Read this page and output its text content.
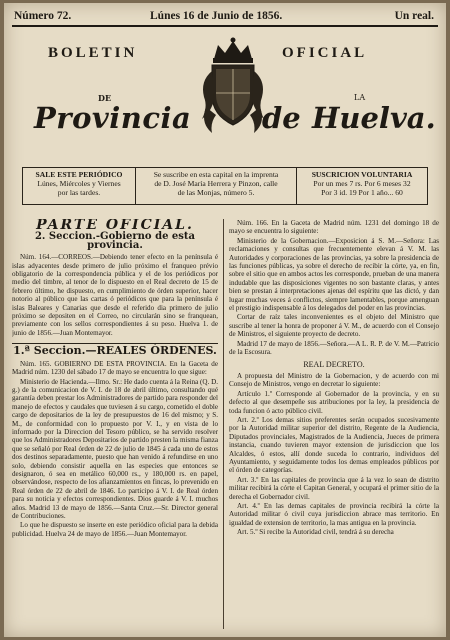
Número 72.	Lúnes 16 de Junio de 1856.	Un real.
BOLETIN	OFICIAL
DE	LA
Provincia de Huelva.
SALE ESTE PERIÓDICO
Lúnes, Miércoles y Viernes
por las tardes.
Se suscribe en esta capital en la imprenta
de D. José María Herrera y Pinzon, calle
de las Monjas, número 5.
SUSCRICION VOLUNTARIA
Por un mes 7 rs. Por 6 meses 32
Por 3 id. 19 Por 1 año... 60
PARTE OFICIAL.
2. Seccion.-Gobierno de esta provincia.

Núm. 164.—CORREOS.—Debiendo tener efecto en la península é islas adyacentes desde primero de julio próximo el franqueo prévio obligatorio de la correspondencia pública y el de los periódicos por medio del timbre, al tenor de lo dispuesto en el Real decreto de 15 de febrero último, he dispuesto, en cumplimiento de órden superior, hacer notorio al público que las cartas ó periódicos que para la península é islas Baleares y Canarias que desde el referido dia primero de julio próximo se depositen en el Correo, no circularán sino se franquean, previamente con los sellos correspondientes á su peso. Huelva 1. de junio de 1856.—Juan Montemayor.

1.ª Seccion.—REALES ÓRDENES.

Núm. 165. GOBIERNO DE ESTA PROVINCIA. En la Gaceta de Madrid núm. 1230 del sábado 17 de mayo se encuentra lo que sigue:

Ministerio de Hacienda.—Ilmo. Sr.: He dado cuenta á la Reina (Q. D. g.) de la comunicacion de V. I. de 18 de abril último, consultando qué garantía deben prestar los Administradores de partido para responder del manejo de efectos y caudales que tuviesen á su cargo, cometido el doble cargo de depositarios de la ley de presupuestos de 16 del mismo; y S. M., de conformidad con lo propuesto por V. I., y en vista de lo informado por la Direccion del Tesoro público, se ha servido resolver que los Administradores Depositarios de partido presten la misma fianza que se señaló por Real órden de 22 de julio de 1845 á cada uno de estos dos destinos separadamente, puesto que han venido á refundirse en uno solo, debiendo consistir aquella en las especies que entonces se designaron, ó sea en metálico 60,000 rs., y 180,000 rs. en papel, observándose, respecto de los afianzamientos en fincas, lo prevenido en Real órden de 22 de abril de 1846. Lo participo á V. I. de Real órden para su noticia y efectos correspondientes. Dios guarde á V. I. muchos años. Madrid 13 de mayo de 1856.—Santa Cruz.—Sr. Director general de Contribuciones.

Lo que he dispuesto se inserte en este periódico oficial para la debida publicidad. Huelva 24 de mayo de 1856.—Juan Montemayor.

Núm. 166. En la Gaceta de Madrid núm. 1231 del domingo 18 de mayo se encuentra lo siguiente:

Ministerio de la Gobernacion.—Exposicion á S. M.—Señora: Las reclamaciones y consultas que frecuentemente elevan á V. M. las Autoridades y corporaciones de las provincias, ya sobre la presidencia de las funciones públicas, ya sobre el derecho de recibir la córte, ya, en fin, sobre el sitio que en ambos actos les corresponde, prueban de una manera indudable que las disposiciones vigentes no son bastante claras, y antes bien se prestan á interpretaciones ajenas del espíritu que las dictó, y dan lugar muchas veces á conflictos, siempre lamentables, porque amenguan el prestigio indispensable á los delegados del poder en las provincias.

Cortar de raíz tales inconvenientes es el objeto del Ministro que suscribe al tener la honra de proponer á V. M., de acuerdo con el Consejo de Ministros, el siguiente proyecto de decreto.

Madrid 17 de mayo de 1856.—Señora.—A L. R. P. de V. M.—Patricio de la Escosura.

REAL DECRETO.

A propuesta del Ministro de la Gobernacion, y de acuerdo con mi Consejo de Ministros, vengo en decretar lo siguiente:

Artículo 1.º Corresponde al Gobernador de la provincia, y en su defecto al que desempeñe sus atribuciones por la ley, la presidencia de toda funcion ó acto público civil.

Art. 2.º Los demas sitios preferentes serán ocupados sucesivamente por la Autoridad militar superior del distrito, Regente de la Audiencia, Diputados provinciales, Magistrados de la Audiencia, Jueces de primera instancia, cuando tuvieren mayor extension de jurisdiccion que los Alcaldes, ó estos, allí donde suceda lo contrario, individuos del Ayuntamiento, y seguidamente todos los demas empleados públicos por el órden de categorías.

Art. 3.º En las capitales de provincia que á la vez lo sean de distrito militar recibirá la córte el Capitan General, y ocupará el primer sitio de la derecha el Gobernador civil.

Art. 4.º En las demas capitales de provincia recibirá la córte la Autoridad militar ó civil cuya jurisdiccion abrace mas territorio. En igualdad de extension de territorio, la mas antigua en la provincia.

Art. 5.º Si recibe la Autoridad civil, tendrá á su derecha
